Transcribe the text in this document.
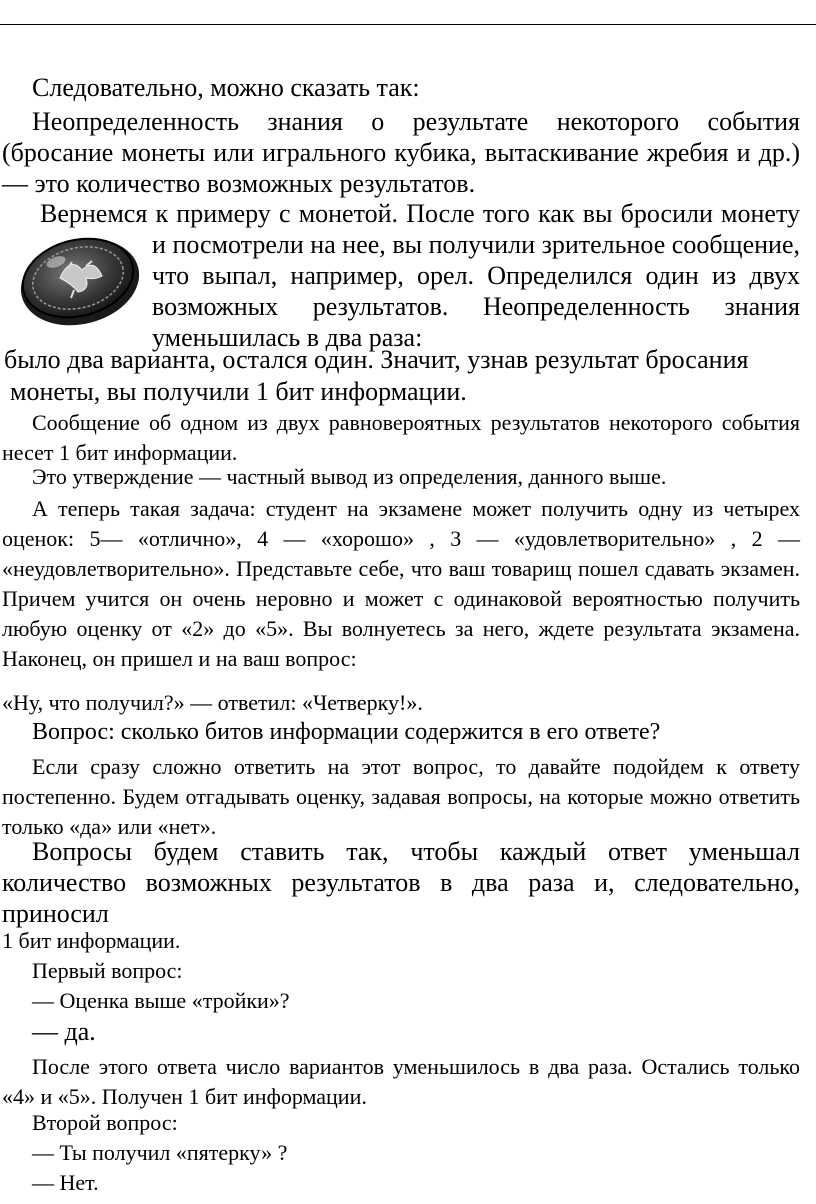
Следовательно, можно сказать так:

Неопределенность знания о результате некоторого события (бросание монеты или игрального кубика, вытаскивание жребия и др.) — это количество возможных результатов.

Вернемся к примеру с монетой. После того как вы бросили монету и посмотрели на нее, вы получили зрительное сообщение, что выпал, например, орел. Определился один из двух возможных результатов. Неопределенность знания уменьшилась в два раза:

было два варианта, остался один. Значит, узнав результат бросания

монеты, вы получили 1 бит информации.

Сообщение об одном из двух равновероятных результатов некоторого события несет 1 бит информации.

Это утверждение — частный вывод из определения, данного выше.

А теперь такая задача: студент на экзамене может получить одну из четырех оценок: 5— «отлично», 4 — «хорошо» , 3 — «удовлетворительно» , 2 — «неудовлетворительно». Представьте себе, что ваш товарищ пошел сдавать экзамен. Причем учится он очень неровно и может с одинаковой вероятностью получить любую оценку от «2» до «5». Вы волнуетесь за него, ждете результата экзамена. Наконец, он пришел и на ваш вопрос:

«Ну, что получил?» — ответил: «Четверку!».

Вопрос: сколько битов информации содержится в его ответе?

Если сразу сложно ответить на этот вопрос, то давайте подойдем к ответу постепенно. Будем отгадывать оценку, задавая вопросы, на которые можно ответить только «да» или «нет».

Вопросы будем ставить так, чтобы каждый ответ уменьшал количество возможных результатов в два раза и, следовательно, приносил

1 бит информации.

Первый вопрос:

— Оценка выше «тройки»?

— да.

После этого ответа число вариантов уменьшилось в два раза. Остались только «4» и «5». Получен 1 бит информации.

Второй вопрос:

— Ты получил «пятерку» ?

— Нет.
